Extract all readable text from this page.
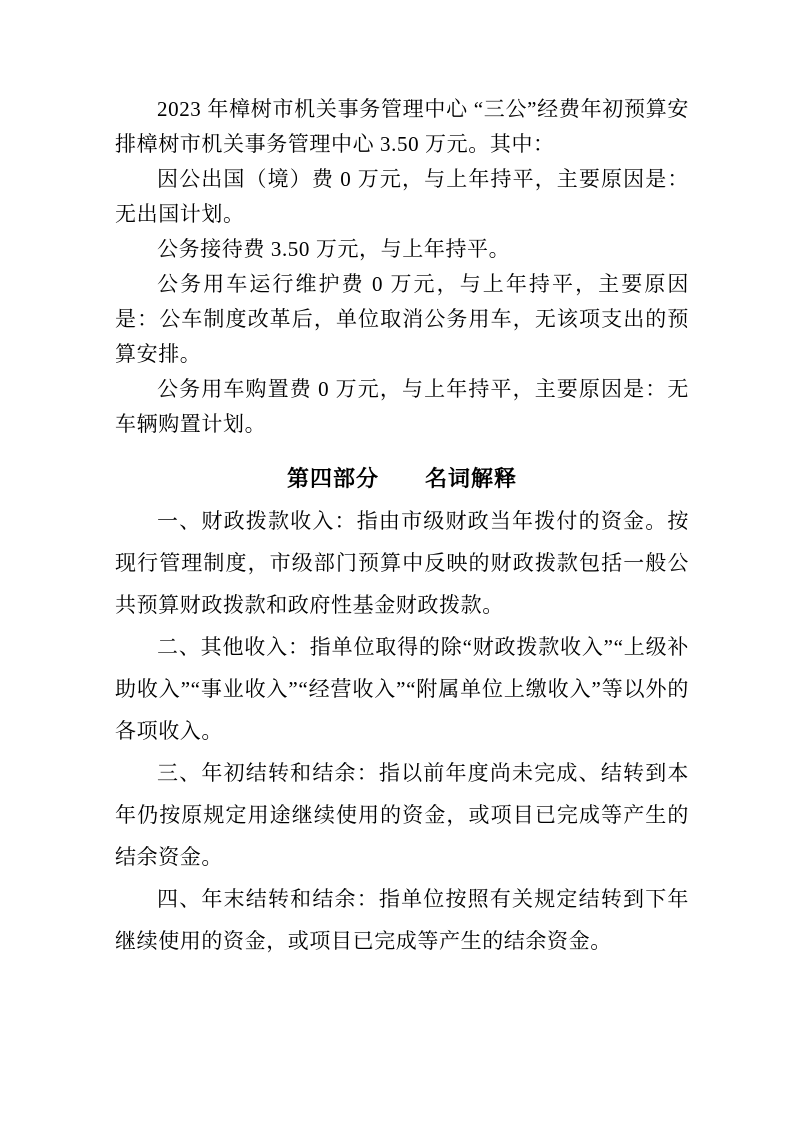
2023 年樟树市机关事务管理中心 “三公”经费年初预算安排樟树市机关事务管理中心 3.50 万元。其中：

因公出国（境）费 0 万元，与上年持平，主要原因是：无出国计划。

公务接待费 3.50 万元，与上年持平。

公务用车运行维护费 0 万元，与上年持平，主要原因是：公车制度改革后，单位取消公务用车，无该项支出的预算安排。

公务用车购置费 0 万元，与上年持平，主要原因是：无车辆购置计划。

第四部分　　名词解释

一、财政拨款收入：指由市级财政当年拨付的资金。按现行管理制度，市级部门预算中反映的财政拨款包括一般公共预算财政拨款和政府性基金财政拨款。

二、其他收入：指单位取得的除“财政拨款收入”“上级补助收入”“事业收入”“经营收入”“附属单位上缴收入”等以外的各项收入。

三、年初结转和结余：指以前年度尚未完成、结转到本年仍按原规定用途继续使用的资金，或项目已完成等产生的结余资金。

四、年末结转和结余：指单位按照有关规定结转到下年继续使用的资金，或项目已完成等产生的结余资金。
